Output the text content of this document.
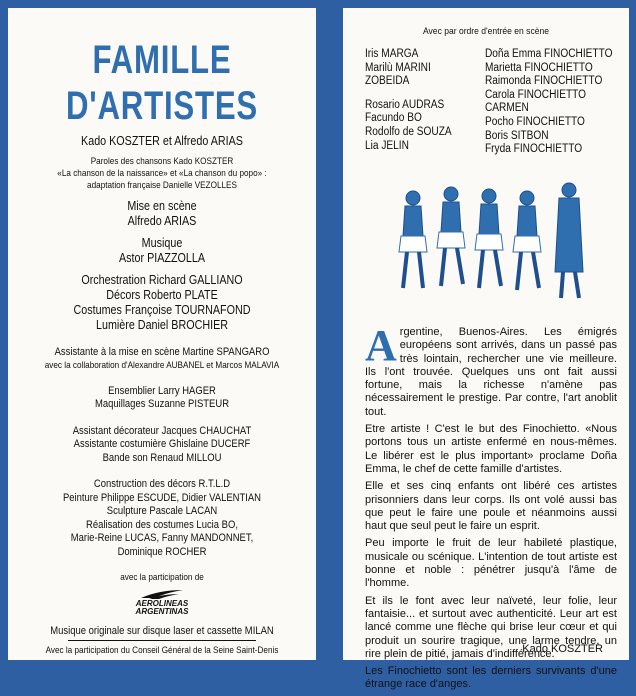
FAMILLE
D'ARTISTES
Kado KOSZTER et Alfredo ARIAS
Paroles des chansons Kado KOSZTER
«La chanson de la naissance» et «La chanson du popo» :
adaptation française Danielle VEZOLLES
Mise en scène
Alfredo ARIAS
Musique
Astor PIAZZOLLA
Orchestration Richard GALLIANO
Décors Roberto PLATE
Costumes Françoise TOURNAFOND
Lumière Daniel BROCHIER
Assistante à la mise en scène Martine SPANGARO
avec la collaboration d'Alexandre AUBANEL et Marcos MALAVIA
Ensemblier Larry HAGER
Maquillages Suzanne PISTEUR
Assistant décorateur Jacques CHAUCHAT
Assistante costumière Ghislaine DUCERF
Bande son Renaud MILLOU
Construction des décors R.T.L.D
Peinture Philippe ESCUDE, Didier VALENTIAN
Sculpture Pascale LACAN
Réalisation des costumes Lucia BO,
Marie-Reine LUCAS, Fanny MANDONNET,
Dominique ROCHER
avec la participation de
AEROLINEAS
ARGENTINAS
Musique originale sur disque laser et cassette MILAN
Avec la participation du Conseil Général de la Seine Saint-Denis
Avec par ordre d'entrée en scène
Iris MARGA
Marilù MARINI
ZOBEIDA
Rosario AUDRAS
Facundo BO
Rodolfo de SOUZA
Lia JELIN
Doña Emma FINOCHIETTO
Marietta FINOCHIETTO
Raimonda FINOCHIETTO
Carola FINOCHIETTO
CARMEN
Pocho FINOCHIETTO
Boris SITBON
Fryda FINOCHIETTO

Argentine, Buenos-Aires. Les émigrés européens sont arrivés, dans un passé pas très lointain, rechercher une vie meilleure. Ils l'ont trouvée. Quelques uns ont fait aussi fortune, mais la richesse n'amène pas nécessairement le prestige. Par contre, l'art anoblit tout.

Etre artiste ! C'est le but des Finochietto. «Nous portons tous un artiste enfermé en nous-mêmes. Le libérer est le plus important» proclame Doña Emma, le chef de cette famille d'artistes.

Elle et ses cinq enfants ont libéré ces artistes prisonniers dans leur corps. Ils ont volé aussi bas que peut le faire une poule et néanmoins aussi haut que seul peut le faire un esprit.

Peu importe le fruit de leur habileté plastique, musicale ou scénique. L'intention de tout artiste est bonne et noble : pénétrer jusqu'à l'âme de l'homme.

Et ils le font avec leur naïveté, leur folie, leur fantaisie... et surtout avec authenticité. Leur art est lancé comme une flèche qui brise leur cœur et qui produit un sourire tragique, une larme tendre, un rire plein de pitié, jamais d'indifférence.

Les Finochietto sont les derniers survivants d'une étrange race d'anges.

Kado KOSZTER
